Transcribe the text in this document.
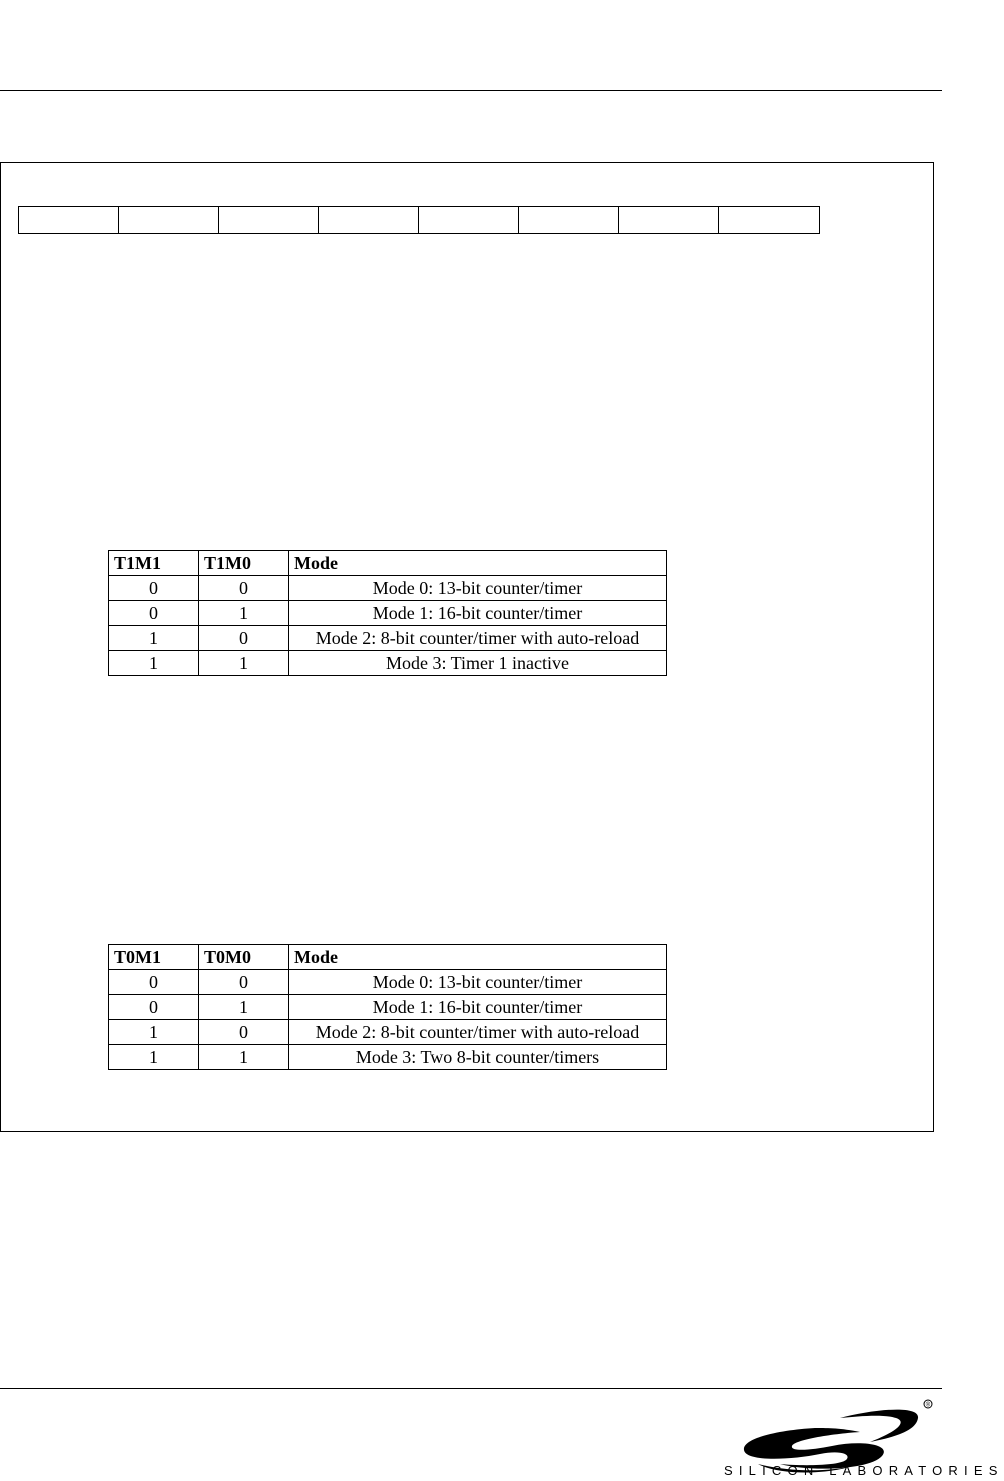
T1M1	T1M0	Mode
0	0	Mode 0: 13-bit counter/timer
0	1	Mode 1: 16-bit counter/timer
1	0	Mode 2: 8-bit counter/timer with auto-reload
1	1	Mode 3: Timer 1 inactive
T0M1	T0M0	Mode
0	0	Mode 0: 13-bit counter/timer
0	1	Mode 1: 16-bit counter/timer
1	0	Mode 2: 8-bit counter/timer with auto-reload
1	1	Mode 3: Two 8-bit counter/timers
®
SILICON LABORATORIES
